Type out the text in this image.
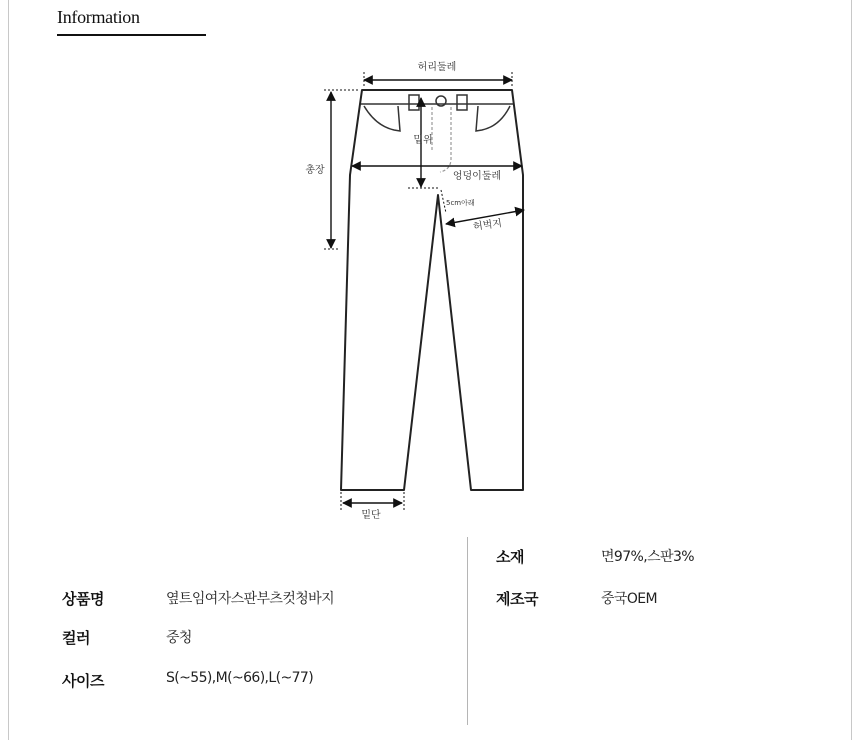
Information
허리둘레
총장
밑위
엉덩이둘레
5cm아래
허벅지
밑단
상품명	옆트임여자스판부츠컷청바지
컬러	중청
사이즈	S(~55),M(~66),L(~77)
소재	면97%,스판3%
제조국	중국OEM
